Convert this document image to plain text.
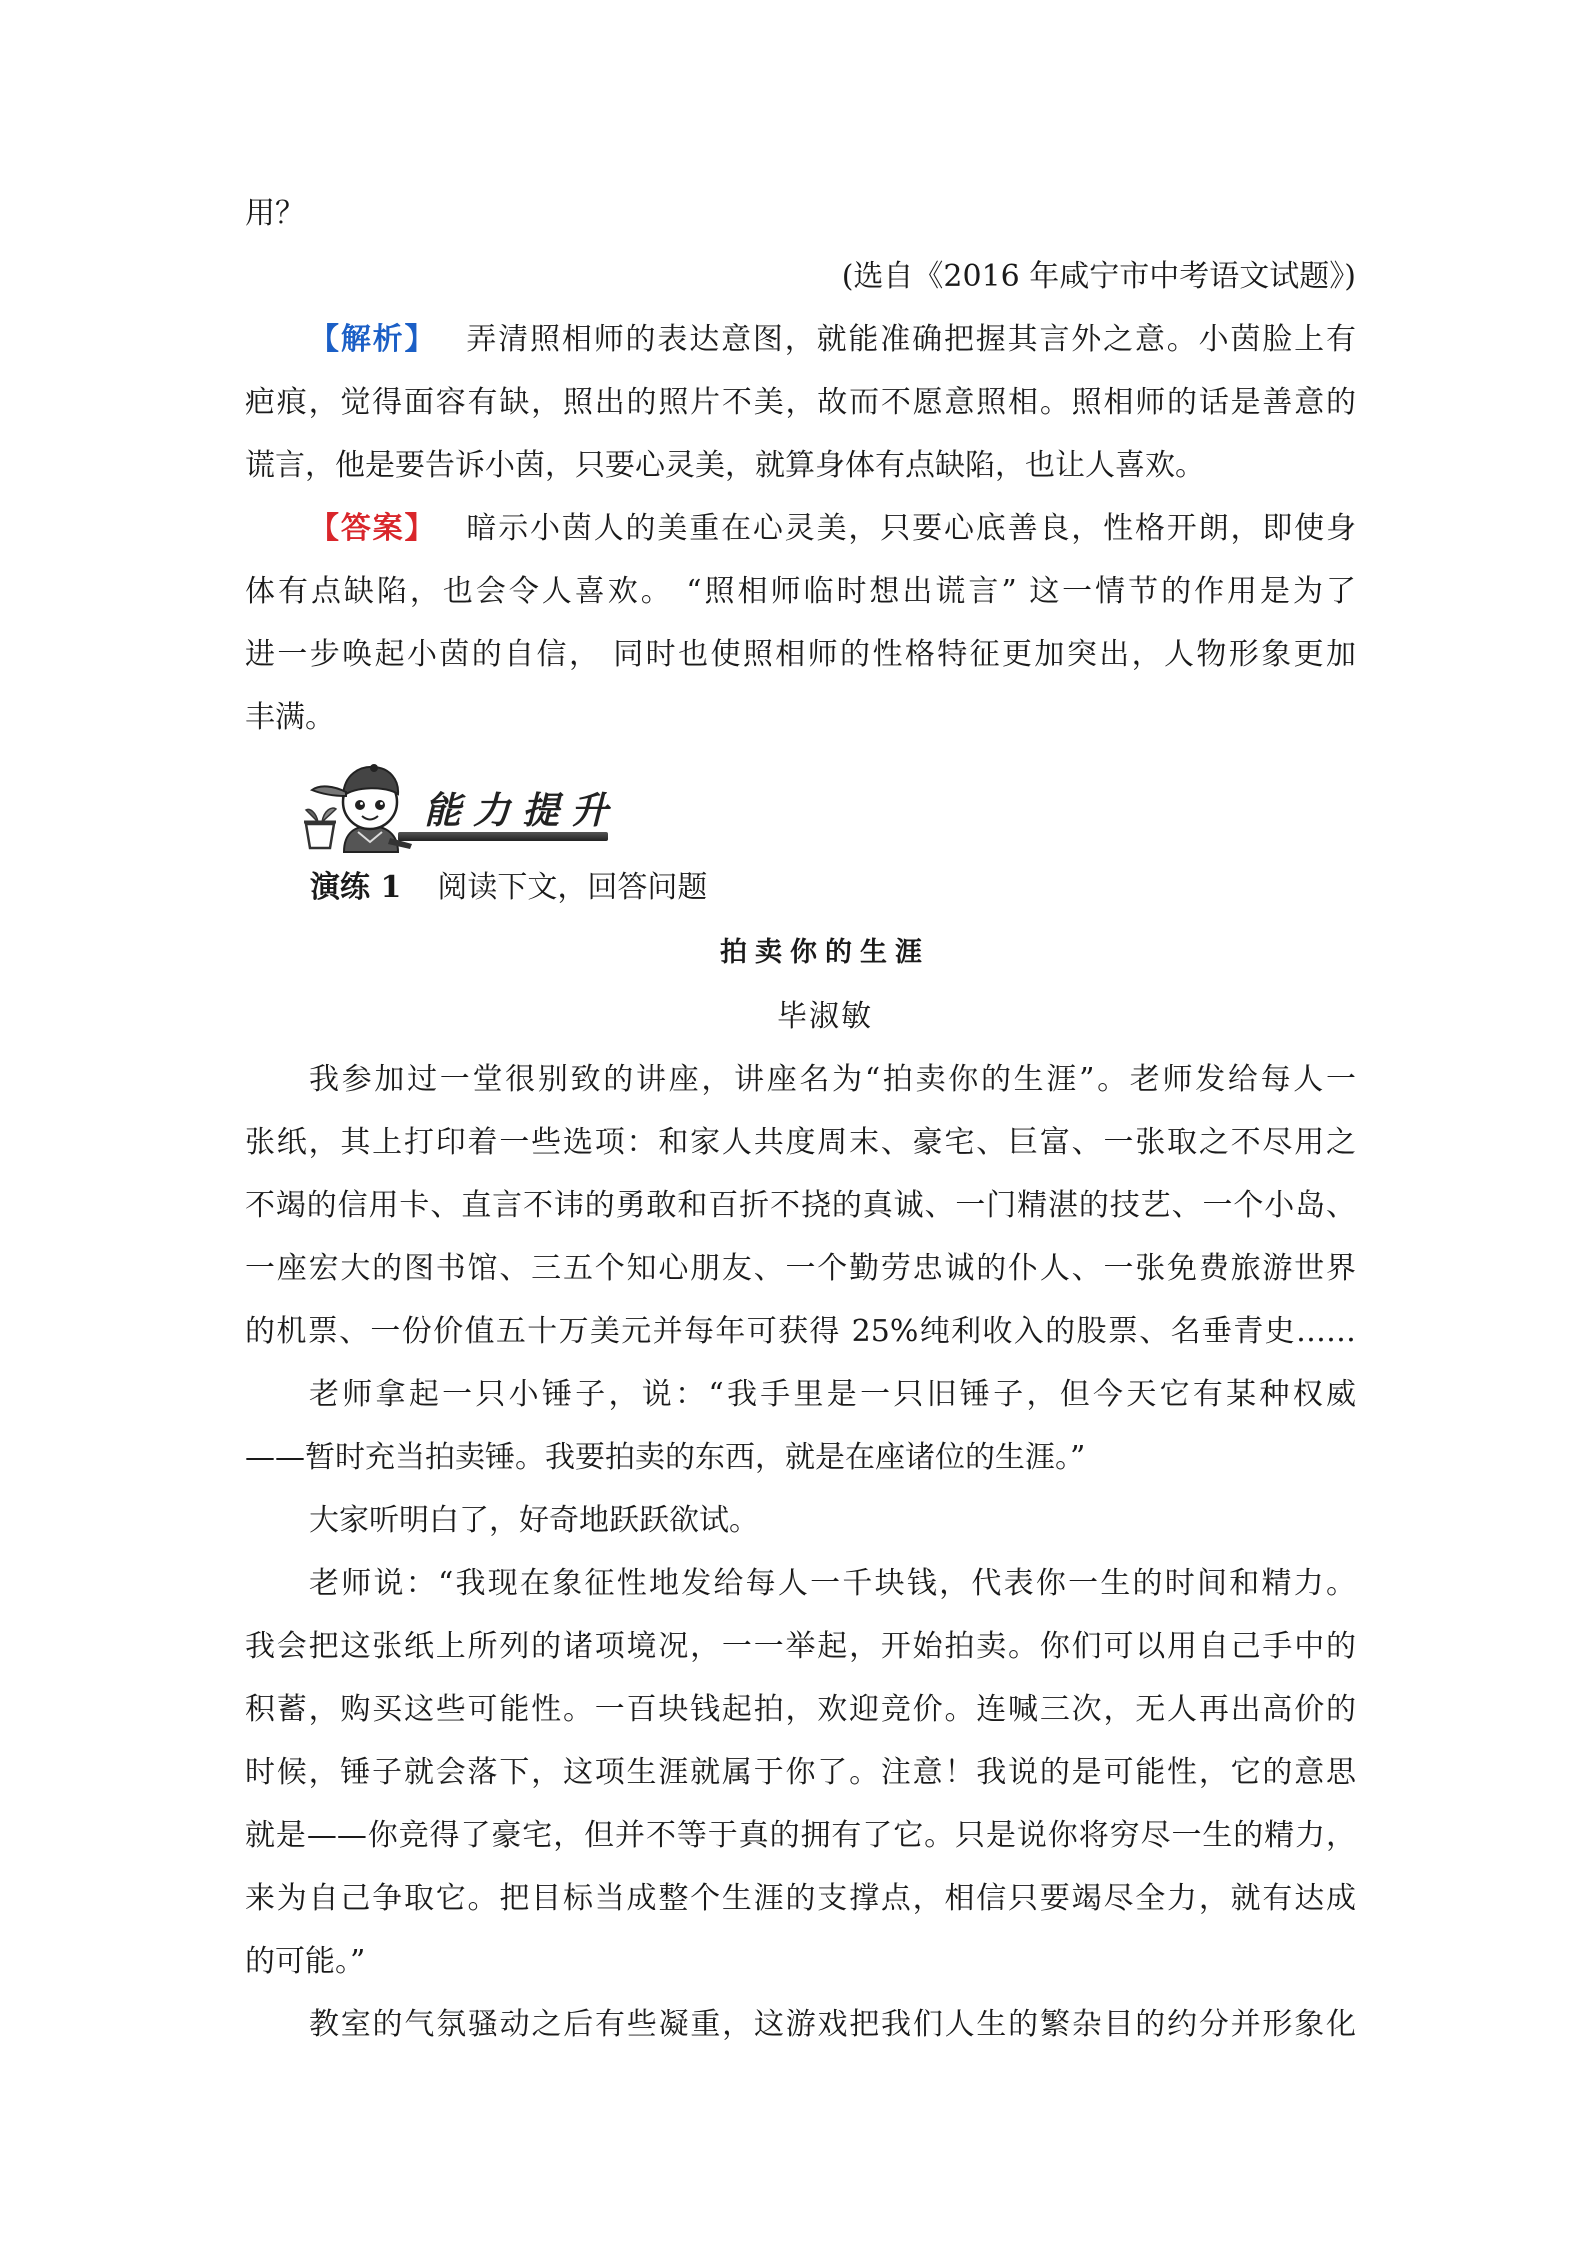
用？
(选自《2016 年咸宁市中考语文试题》)
【解析】 弄清照相师的表达意图，就能准确把握其言外之意。小茵脸上有
疤痕，觉得面容有缺，照出的照片不美，故而不愿意照相。照相师的话是善意的
谎言，他是要告诉小茵，只要心灵美，就算身体有点缺陷，也让人喜欢。
【答案】 暗示小茵人的美重在心灵美，只要心底善良，性格开朗，即使身
体有点缺陷，也会令人喜欢。 “照相师临时想出谎言” 这一情节的作用是为了
进一步唤起小茵的自信， 同时也使照相师的性格特征更加突出，人物形象更加
丰满。
能力提升
演练 1 阅读下文，回答问题
拍卖你的生涯
毕淑敏
我参加过一堂很别致的讲座，讲座名为“拍卖你的生涯”。老师发给每人一
张纸，其上打印着一些选项：和家人共度周末、豪宅、巨富、一张取之不尽用之
不竭的信用卡、直言不讳的勇敢和百折不挠的真诚、一门精湛的技艺、一个小岛、
一座宏大的图书馆、三五个知心朋友、一个勤劳忠诚的仆人、一张免费旅游世界
的机票、一份价值五十万美元并每年可获得 25%纯利收入的股票、名垂青史……
老师拿起一只小锤子，说：“我手里是一只旧锤子，但今天它有某种权威
——暂时充当拍卖锤。我要拍卖的东西，就是在座诸位的生涯。”
大家听明白了，好奇地跃跃欲试。
老师说：“我现在象征性地发给每人一千块钱，代表你一生的时间和精力。
我会把这张纸上所列的诸项境况，一一举起，开始拍卖。你们可以用自己手中的
积蓄，购买这些可能性。一百块钱起拍，欢迎竞价。连喊三次，无人再出高价的
时候，锤子就会落下，这项生涯就属于你了。注意！我说的是可能性，它的意思
就是——你竞得了豪宅，但并不等于真的拥有了它。只是说你将穷尽一生的精力，
来为自己争取它。把目标当成整个生涯的支撑点，相信只要竭尽全力，就有达成
的可能。”
教室的气氛骚动之后有些凝重，这游戏把我们人生的繁杂目的约分并形象化
